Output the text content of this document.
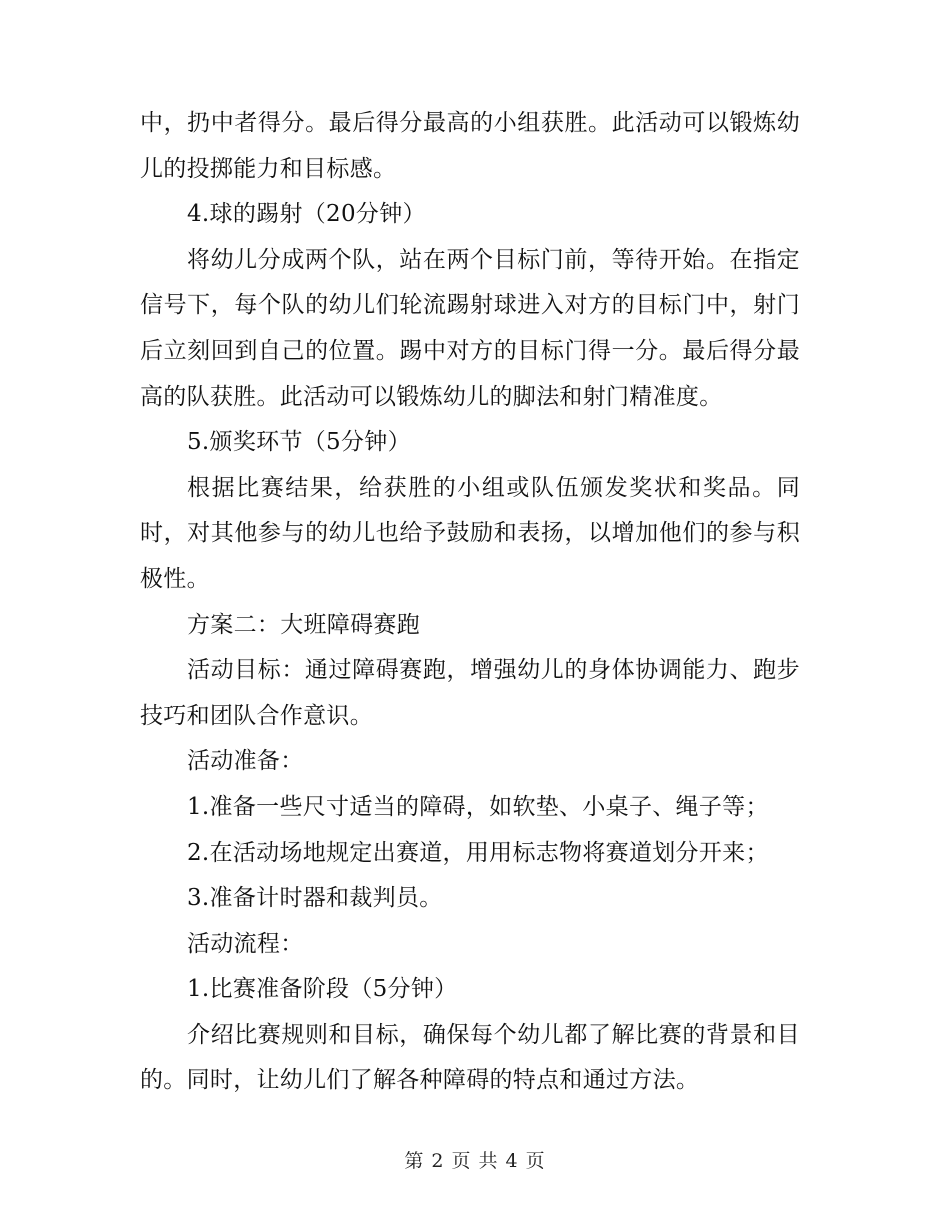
中，扔中者得分。最后得分最高的小组获胜。此活动可以锻炼幼儿的投掷能力和目标感。

4.球的踢射（20分钟）

将幼儿分成两个队，站在两个目标门前，等待开始。在指定信号下，每个队的幼儿们轮流踢射球进入对方的目标门中，射门后立刻回到自己的位置。踢中对方的目标门得一分。最后得分最高的队获胜。此活动可以锻炼幼儿的脚法和射门精准度。

5.颁奖环节（5分钟）

根据比赛结果，给获胜的小组或队伍颁发奖状和奖品。同时，对其他参与的幼儿也给予鼓励和表扬，以增加他们的参与积极性。

方案二：大班障碍赛跑

活动目标：通过障碍赛跑，增强幼儿的身体协调能力、跑步技巧和团队合作意识。

活动准备：

1.准备一些尺寸适当的障碍，如软垫、小桌子、绳子等；

2.在活动场地规定出赛道，用用标志物将赛道划分开来；

3.准备计时器和裁判员。

活动流程：

1.比赛准备阶段（5分钟）

介绍比赛规则和目标，确保每个幼儿都了解比赛的背景和目的。同时，让幼儿们了解各种障碍的特点和通过方法。

第 2 页 共 4 页
